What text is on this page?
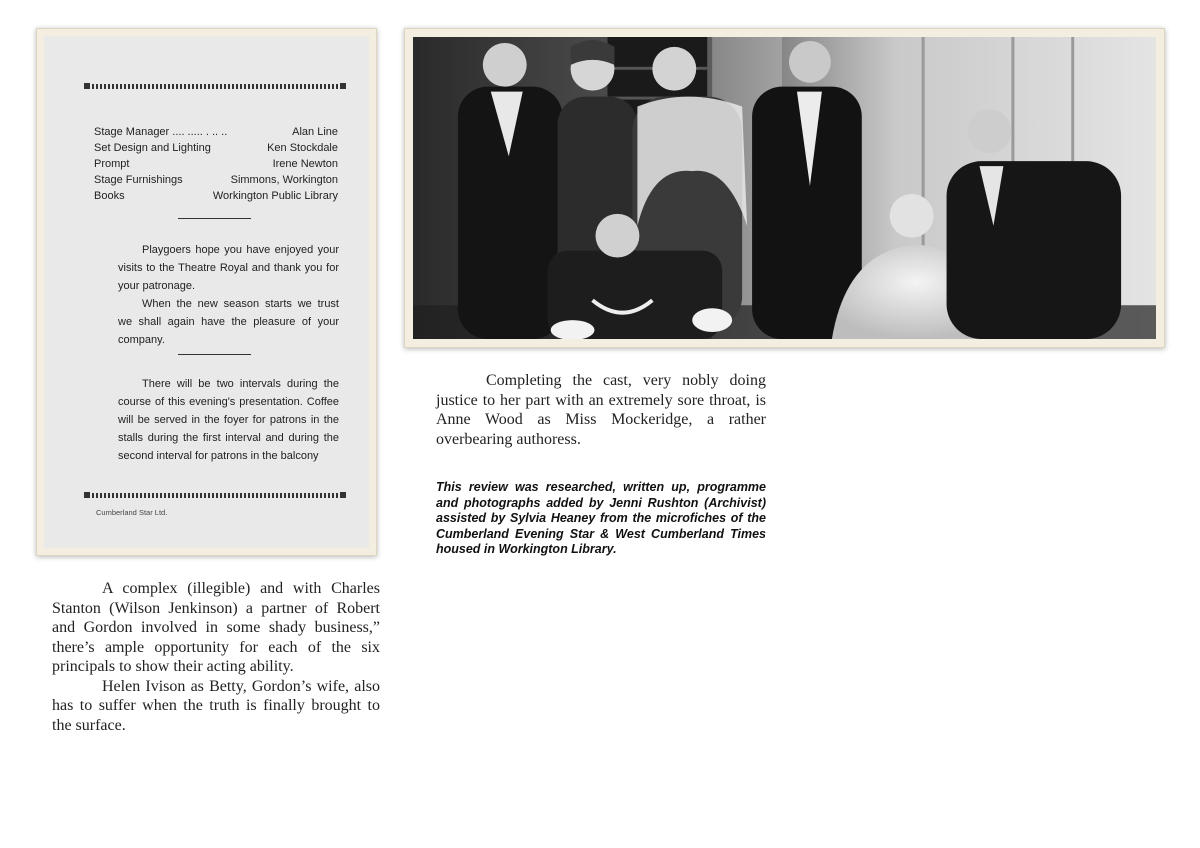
Stage Manager .... ..... . .. ..	Alan Line
Set Design and Lighting	Ken Stockdale
Prompt	Irene Newton
Stage Furnishings	Simmons, Workington
Books	Workington Public Library

Playgoers hope you have enjoyed your visits to the Theatre Royal and thank you for your patronage.

When the new season starts we trust we shall again have the pleasure of your company.

There will be two intervals during the course of this evening's presentation. Coffee will be served in the foyer for patrons in the stalls during the first interval and during the second interval for patrons in the balcony

Cumberland Star Ltd.

A complex (illegible) and with Charles Stanton (Wilson Jenkinson) a partner of Robert and Gordon involved in some shady business,” there’s ample opportunity for each of the six principals to show their acting ability.

Helen Ivison as Betty, Gordon’s wife, also has to suffer when the truth is finally brought to the surface.

Completing the cast, very nobly doing justice to her part with an extremely sore throat, is Anne Wood as Miss Mockeridge, a rather overbearing authoress.

This review was researched, written up, programme and photographs added by Jenni Rushton (Archivist) assisted by Sylvia Heaney from the microfiches of the Cumberland Evening Star & West Cumberland Times housed in Workington Library.
